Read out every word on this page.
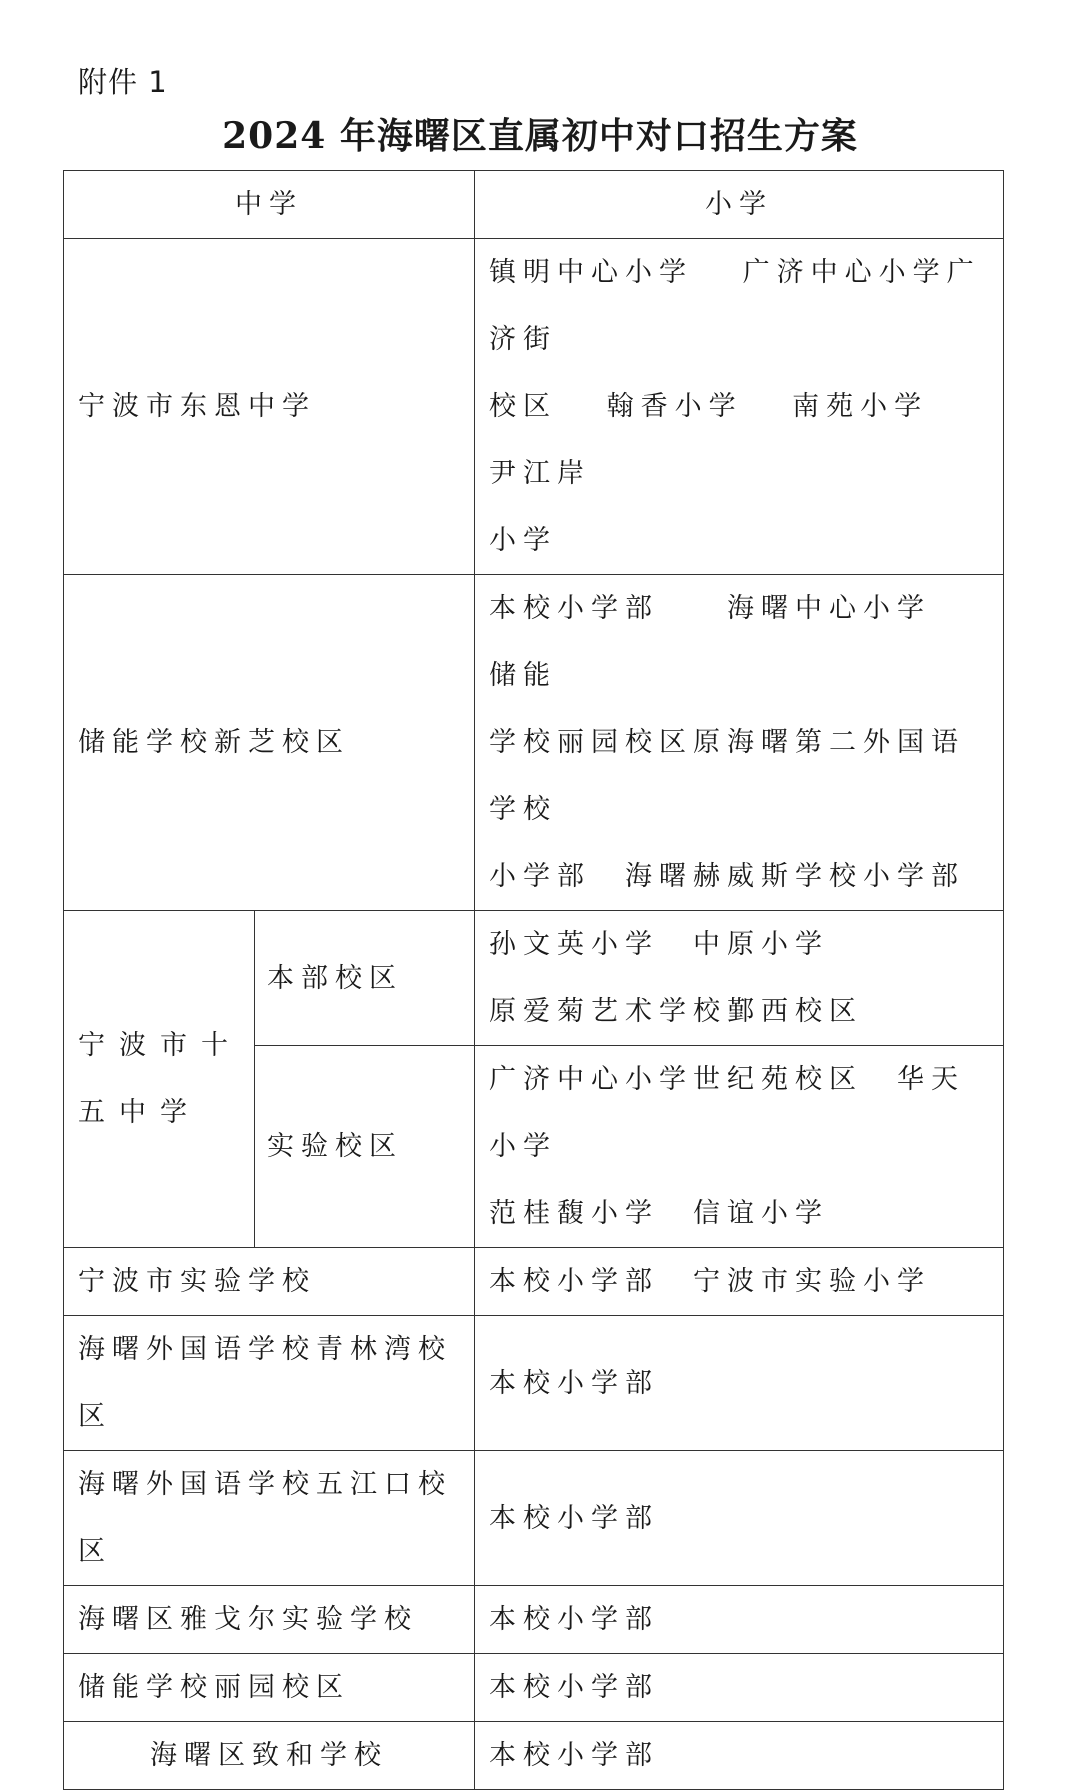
附件 1
2024 年海曙区直属初中对口招生方案
中学		小学
宁波市东恩中学		镇明中心小学　 广济中心小学广济街
校区　 翰香小学　 南苑小学　 尹江岸
小学

储能学校新芝校区		本校小学部　　海曙中心小学　　储能
学校丽园校区原海曙第二外国语学校
小学部　海曙赫威斯学校小学部

宁波市十五中学	本部校区	孙文英小学　中原小学
原爱菊艺术学校鄞西校区

	实验校区	广济中心小学世纪苑校区　华天小学
范桂馥小学　信谊小学

宁波市实验学校		本校小学部　宁波市实验小学
海曙外国语学校青林湾校区		本校小学部
海曙外国语学校五江口校区		本校小学部
海曙区雅戈尔实验学校		本校小学部
储能学校丽园校区		本校小学部
海曙区致和学校		本校小学部
